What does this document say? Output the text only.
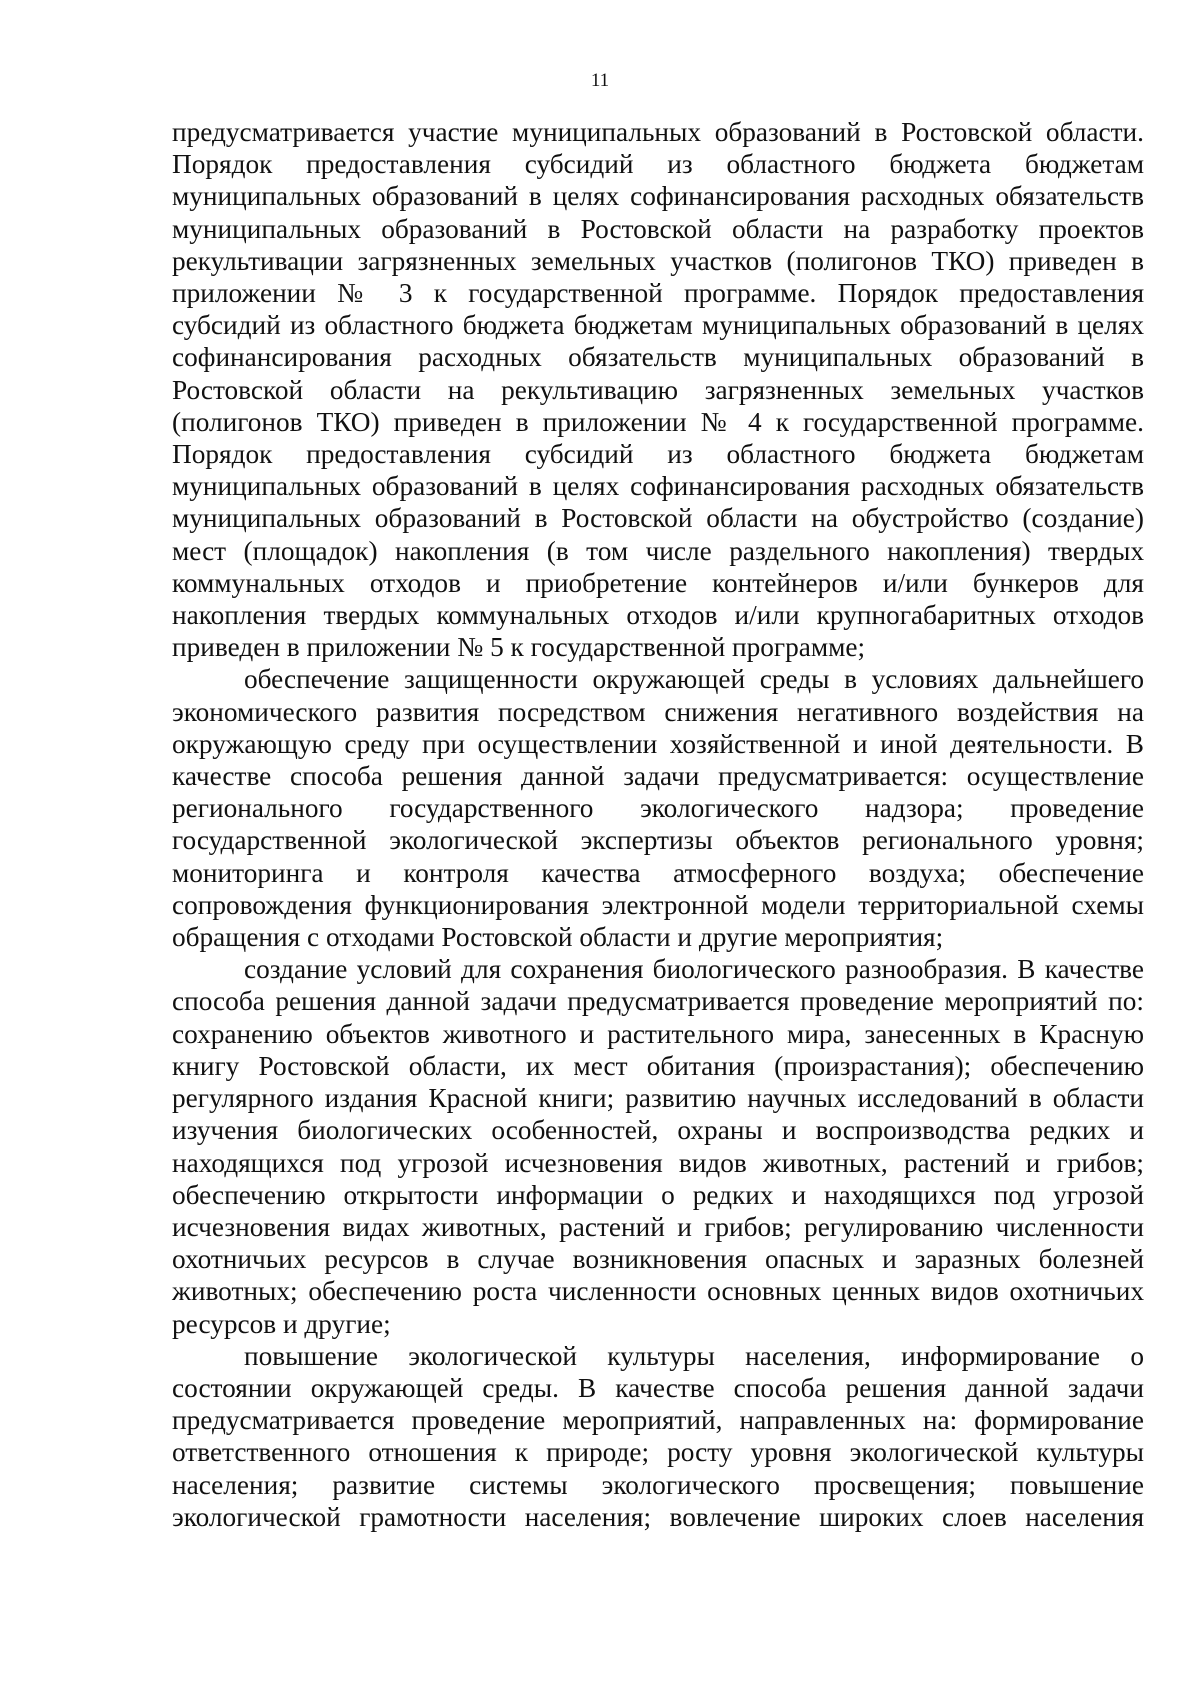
11

предусматривается участие муниципальных образований в Ростовской области. Порядок предоставления субсидий из областного бюджета бюджетам муниципальных образований в целях софинансирования расходных обязательств муниципальных образований в Ростовской области на разработку проектов рекультивации загрязненных земельных участков (полигонов ТКО) приведен в приложении № 3 к государственной программе. Порядок предоставления субсидий из областного бюджета бюджетам муниципальных образований в целях софинансирования расходных обязательств муниципальных образований в Ростовской области на рекультивацию загрязненных земельных участков (полигонов ТКО) приведен в приложении № 4 к государственной программе. Порядок предоставления субсидий из областного бюджета бюджетам муниципальных образований в целях софинансирования расходных обязательств муниципальных образований в Ростовской области на обустройство (создание) мест (площадок) накопления (в том числе раздельного накопления) твердых коммунальных отходов и приобретение контейнеров и/или бункеров для накопления твердых коммунальных отходов и/или крупногабаритных отходов приведен в приложении № 5 к государственной программе;

обеспечение защищенности окружающей среды в условиях дальнейшего экономического развития посредством снижения негативного воздействия на окружающую среду при осуществлении хозяйственной и иной деятельности. В качестве способа решения данной задачи предусматривается: осуществление регионального государственного экологического надзора; проведение государственной экологической экспертизы объектов регионального уровня; мониторинга и контроля качества атмосферного воздуха; обеспечение сопровождения функционирования электронной модели территориальной схемы обращения с отходами Ростовской области и другие мероприятия;

создание условий для сохранения биологического разнообразия. В качестве способа решения данной задачи предусматривается проведение мероприятий по: сохранению объектов животного и растительного мира, занесенных в Красную книгу Ростовской области, их мест обитания (произрастания); обеспечению регулярного издания Красной книги; развитию научных исследований в области изучения биологических особенностей, охраны и воспроизводства редких и находящихся под угрозой исчезновения видов животных, растений и грибов; обеспечению открытости информации о редких и находящихся под угрозой исчезновения видах животных, растений и грибов; регулированию численности охотничьих ресурсов в случае возникновения опасных и заразных болезней животных; обеспечению роста численности основных ценных видов охотничьих ресурсов и другие;

повышение экологической культуры населения, информирование о состоянии окружающей среды. В качестве способа решения данной задачи предусматривается проведение мероприятий, направленных на: формирование ответственного отношения к природе; росту уровня экологической культуры населения; развитие системы экологического просвещения; повышение экологической грамотности населения; вовлечение широких слоев населения
